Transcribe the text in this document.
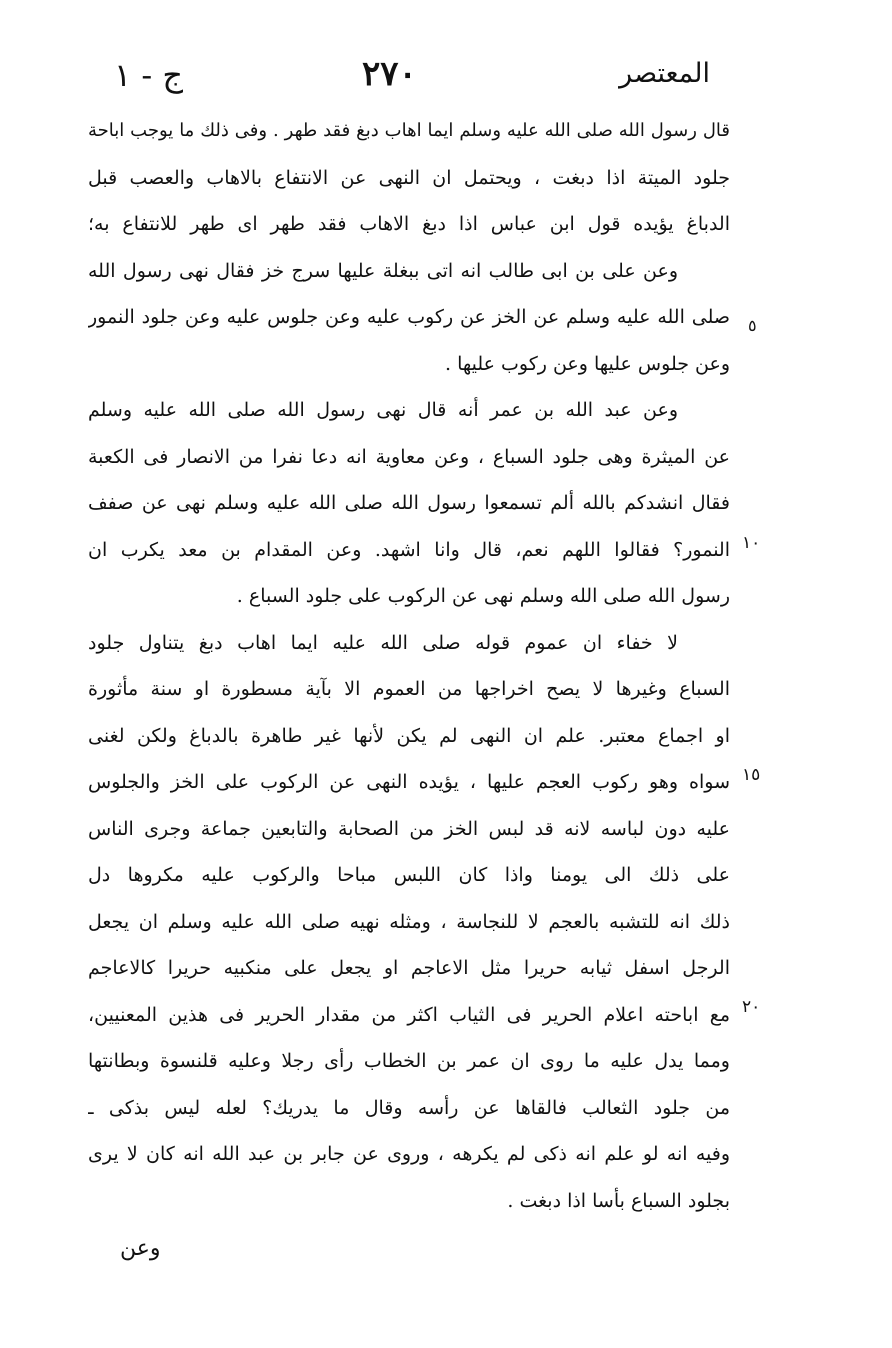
المعتصر
٢٧٠
ج - ١
قال رسول الله صلى الله عليه وسلم ايما اهاب دبغ فقد طهر . وفى ذلك ما يوجب اباحة
جلود الميتة اذا دبغت ، ويحتمل ان النهى عن الانتفاع بالاهاب والعصب قبل
الدباغ يؤيده قول ابن عباس اذا دبغ الاهاب فقد طهر اى طهر للانتفاع به؛
وعن على بن ابى طالب انه اتى ببغلة عليها سرج خز فقال نهى رسول الله
صلى الله عليه وسلم عن الخز عن ركوب عليه وعن جلوس عليه وعن جلود النمور
وعن جلوس عليها وعن ركوب عليها .
وعن عبد الله بن عمر أنه قال نهى رسول الله صلى الله عليه وسلم
عن الميثرة وهى جلود السباع ، وعن معاوية انه دعا نفرا من الانصار فى الكعبة
فقال انشدكم بالله ألم تسمعوا رسول الله صلى الله عليه وسلم نهى عن صفف
النمور؟ فقالوا اللهم نعم، قال وانا اشهد. وعن المقدام بن معد يكرب ان
رسول الله صلى الله وسلم نهى عن الركوب على جلود السباع .
لا خفاء ان عموم قوله صلى الله عليه ايما اهاب دبغ يتناول جلود
السباع وغيرها لا يصح اخراجها من العموم الا بآية مسطورة او سنة مأثورة
او اجماع معتبر. علم ان النهى لم يكن لأنها غير طاهرة بالدباغ ولكن لغنى
سواه وهو ركوب العجم عليها ، يؤيده النهى عن الركوب على الخز والجلوس
عليه دون لباسه لانه قد لبس الخز من الصحابة والتابعين جماعة وجرى الناس
على ذلك الى يومنا واذا كان اللبس مباحا والركوب عليه مكروها دل
ذلك انه للتشبه بالعجم لا للنجاسة ، ومثله نهيه صلى الله عليه وسلم ان يجعل
الرجل اسفل ثيابه حريرا مثل الاعاجم او يجعل على منكبيه حريرا كالاعاجم
مع اباحته اعلام الحرير فى الثياب اكثر من مقدار الحرير فى هذين المعنيين،
ومما يدل عليه ما روى ان عمر بن الخطاب رأى رجلا وعليه قلنسوة وبطانتها
من جلود الثعالب فالقاها عن رأسه وقال ما يدريك؟ لعله ليس بذكى ـ
وفيه انه لو علم انه ذكى لم يكرهه ، وروى عن جابر بن عبد الله انه كان لا يرى
بجلود السباع بأسا اذا دبغت .
٥
١٠
١٥
٢٠
وعن
